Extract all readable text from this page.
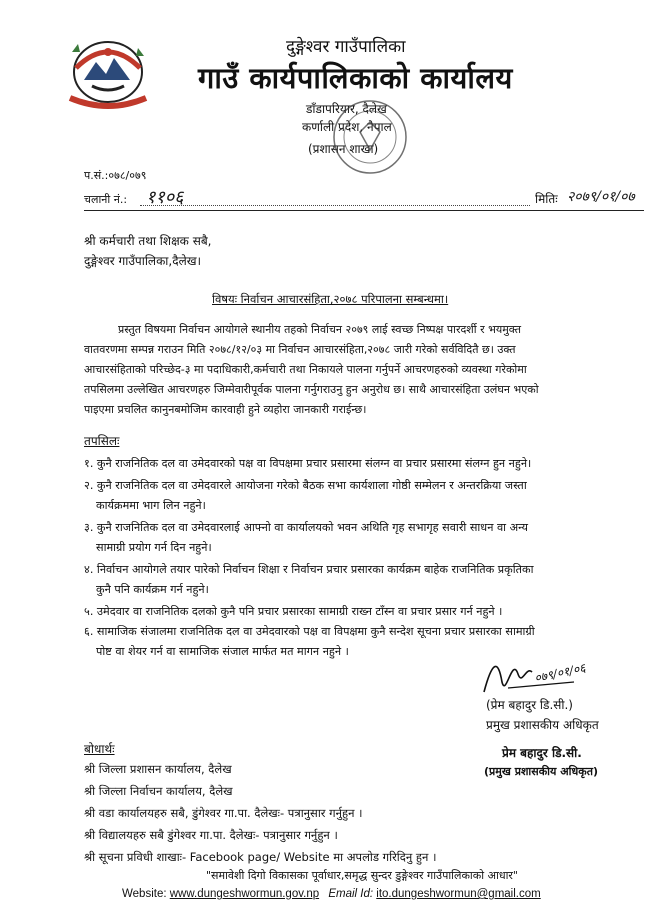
दुङ्गेश्वर गाउँपालिका
गाउँ कार्यपालिकाको कार्यालय
डाँडापरियार, दैलेख
कर्णाली प्रदेश, नेपाल
(प्रशासन शाखा)
प.सं.:०७८/०७९
चलानी नं.: ११०६	मितिः २०७९/०१/०७
श्री कर्मचारी तथा शिक्षक सबै,
दुङ्गेश्वर गाउँपालिका,दैलेख।
विषयः निर्वाचन आचारसंहिता,२०७८ परिपालना सम्बन्धमा।
प्रस्तुत विषयमा निर्वाचन आयोगले स्थानीय तहको निर्वाचन २०७९ लाई स्वच्छ निष्पक्ष पारदर्शी र भयमुक्त
वातवरणमा सम्पन्न गराउन मिति २०७८/१२/०३ मा निर्वाचन आचारसंहिता,२०७८ जारी गरेको सर्वविदितै छ। उक्त
आचारसंहिताको परिच्छेद-३ मा पदाधिकारी,कर्मचारी तथा निकायले पालना गर्नुपर्ने आचरणहरुको व्यवस्था गरेकोमा
तपसिलमा उल्लेखित आचरणहरु जिम्मेवारीपूर्वक पालना गर्नुगराउनु हुन अनुरोध छ। साथै आचारसंहिता उलंघन भएको
पाइएमा प्रचलित कानुनबमोजिम कारवाही हुने व्यहोरा जानकारी गराईन्छ।
तपसिलः
१. कुनै राजनितिक दल वा उमेदवारको पक्ष वा विपक्षमा प्रचार प्रसारमा संलग्न वा प्रचार प्रसारमा संलग्न हुन नहुने।
२. कुनै राजनितिक दल वा उमेदवारले आयोजना गरेको बैठक सभा कार्यशाला गोष्ठी सम्मेलन र अन्तरक्रिया जस्ता
कार्यक्रममा भाग लिन नहुने।
३. कुनै राजनितिक दल वा उमेदवारलाई आफ्नो वा कार्यालयको भवन अथिति गृह सभागृह सवारी साधन वा अन्य
सामाग्री प्रयोग गर्न दिन नहुने।
४. निर्वाचन आयोगले तयार पारेको निर्वाचन शिक्षा र निर्वाचन प्रचार प्रसारका कार्यक्रम बाहेक राजनितिक प्रकृतिका
कुनै पनि कार्यक्रम गर्न नहुने।
५. उमेदवार वा राजनितिक दलको कुनै पनि प्रचार प्रसारका सामाग्री राख्न टाँस्न वा प्रचार प्रसार गर्न नहुने ।
६. सामाजिक संजालमा राजनितिक दल वा उमेदवारको पक्ष वा विपक्षमा कुनै सन्देश सूचना प्रचार प्रसारका सामाग्री
पोष्ट वा शेयर गर्न वा सामाजिक संजाल मार्फत मत मागन नहुने ।
०७९/०१/०६
(प्रेम बहादुर डि.सी.)
प्रमुख प्रशासकीय अधिकृत
प्रेम बहादुर डि.सी.
(प्रमुख प्रशासकीय अधिकृत)
बोधार्थः
श्री जिल्ला प्रशासन कार्यालय, दैलेख
श्री जिल्ला निर्वाचन कार्यालय, दैलेख
श्री वडा कार्यालयहरु सबै, डुंगेश्वर गा.पा. दैलेखः- पत्रानुसार गर्नुहुन ।
श्री विद्यालयहरु सबै डुंगेश्वर गा.पा. दैलेखः- पत्रानुसार गर्नुहुन ।
श्री सूचना प्रविधी शाखाः- Facebook page/ Website मा अपलोड गरिदिनु हुन ।
"समावेशी दिगो विकासका पूर्वाधार,समृद्ध सुन्दर डुङ्गेश्वर गाउँपालिकाको आधार"
Website: www.dungeshwormun.gov.np Email Id: ito.dungeshwormun@gmail.com
